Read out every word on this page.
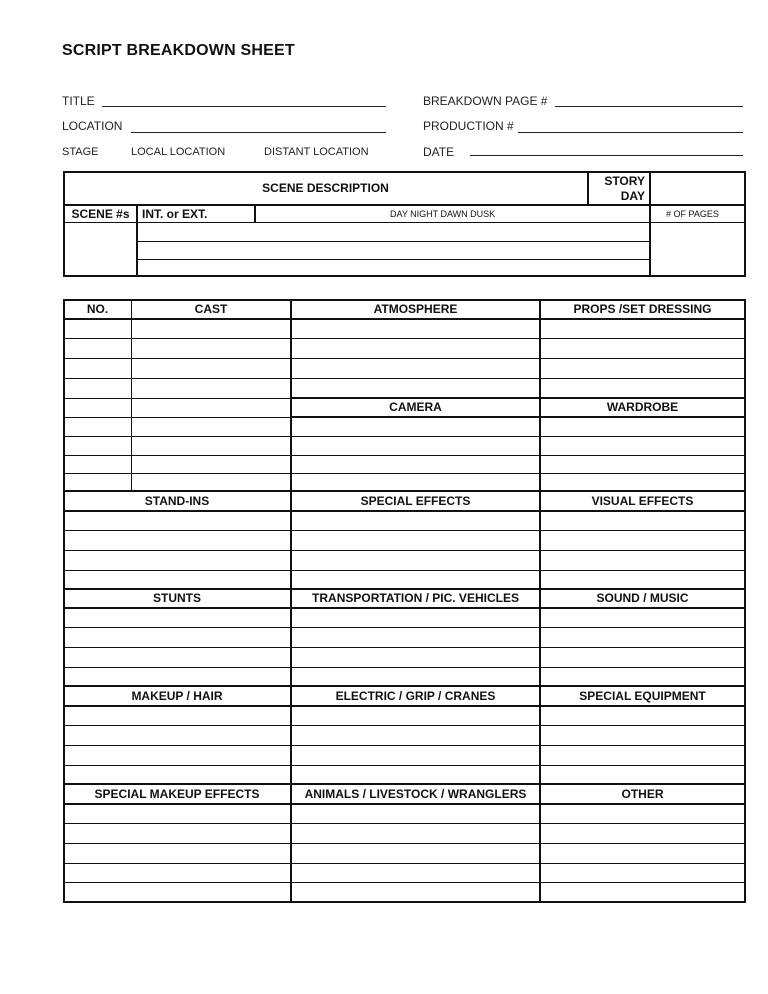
SCRIPT BREAKDOWN SHEET
TITLE
LOCATION
STAGE	LOCAL LOCATION	DISTANT LOCATION
BREAKDOWN PAGE #
PRODUCTION #
DATE
SCENE DESCRIPTION	STORY
DAY
SCENE #s	INT. or EXT.	DAY NIGHT DAWN DUSK	# OF PAGES
NO.	CAST	ATMOSPHERE	PROPS /SET DRESSING
CAMERA	WARDROBE
STAND-INS	SPECIAL EFFECTS	VISUAL EFFECTS
STUNTS	TRANSPORTATION / PIC. VEHICLES	SOUND / MUSIC
MAKEUP / HAIR	ELECTRIC / GRIP / CRANES	SPECIAL EQUIPMENT
SPECIAL MAKEUP EFFECTS	ANIMALS / LIVESTOCK / WRANGLERS	OTHER
